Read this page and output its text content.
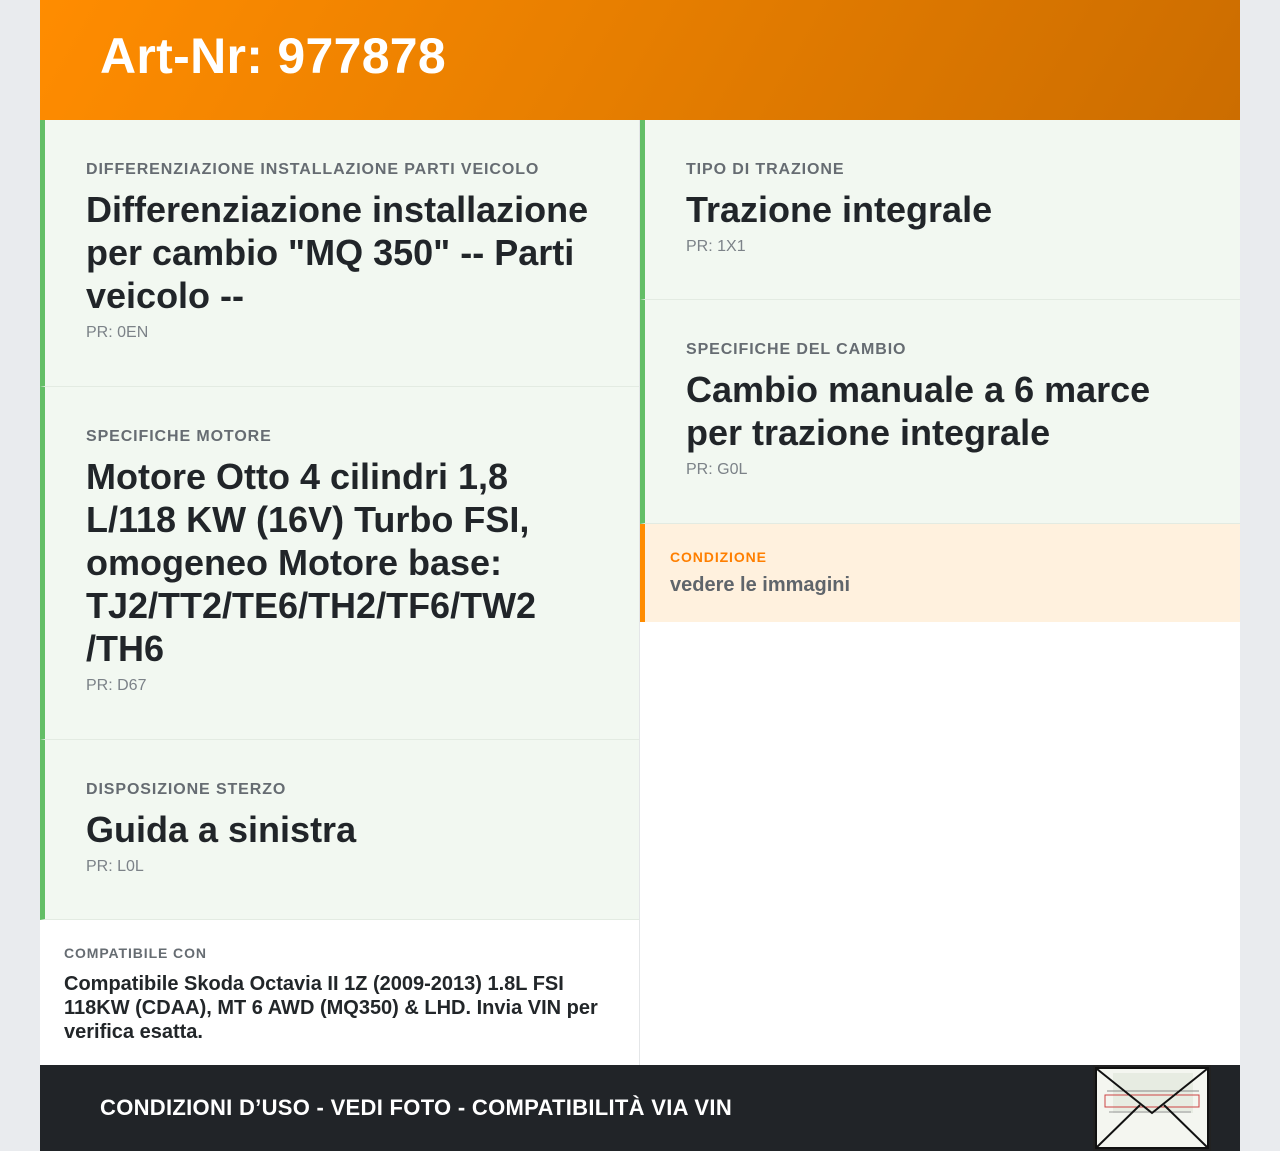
Art-Nr: 977878
DIFFERENZIAZIONE INSTALLAZIONE PARTI VEICOLO
Differenziazione installazione per cambio "MQ 350" -- Parti veicolo --
PR: 0EN
SPECIFICHE MOTORE
Motore Otto 4 cilindri 1,8 L/118 KW (16V) Turbo FSI, omogeneo Motore base: TJ2/TT2/TE6/TH2/TF6/TW2 /TH6
PR: D67
DISPOSIZIONE STERZO
Guida a sinistra
PR: L0L
COMPATIBILE CON
Compatibile Skoda Octavia II 1Z (2009-2013) 1.8L FSI 118KW (CDAA), MT 6 AWD (MQ350) & LHD. Invia VIN per verifica esatta.
TIPO DI TRAZIONE
Trazione integrale
PR: 1X1
SPECIFICHE DEL CAMBIO
Cambio manuale a 6 marce per trazione integrale
PR: G0L
CONDIZIONE
vedere le immagini
CONDIZIONI D’USO - VEDI FOTO - COMPATIBILITÀ VIA VIN
